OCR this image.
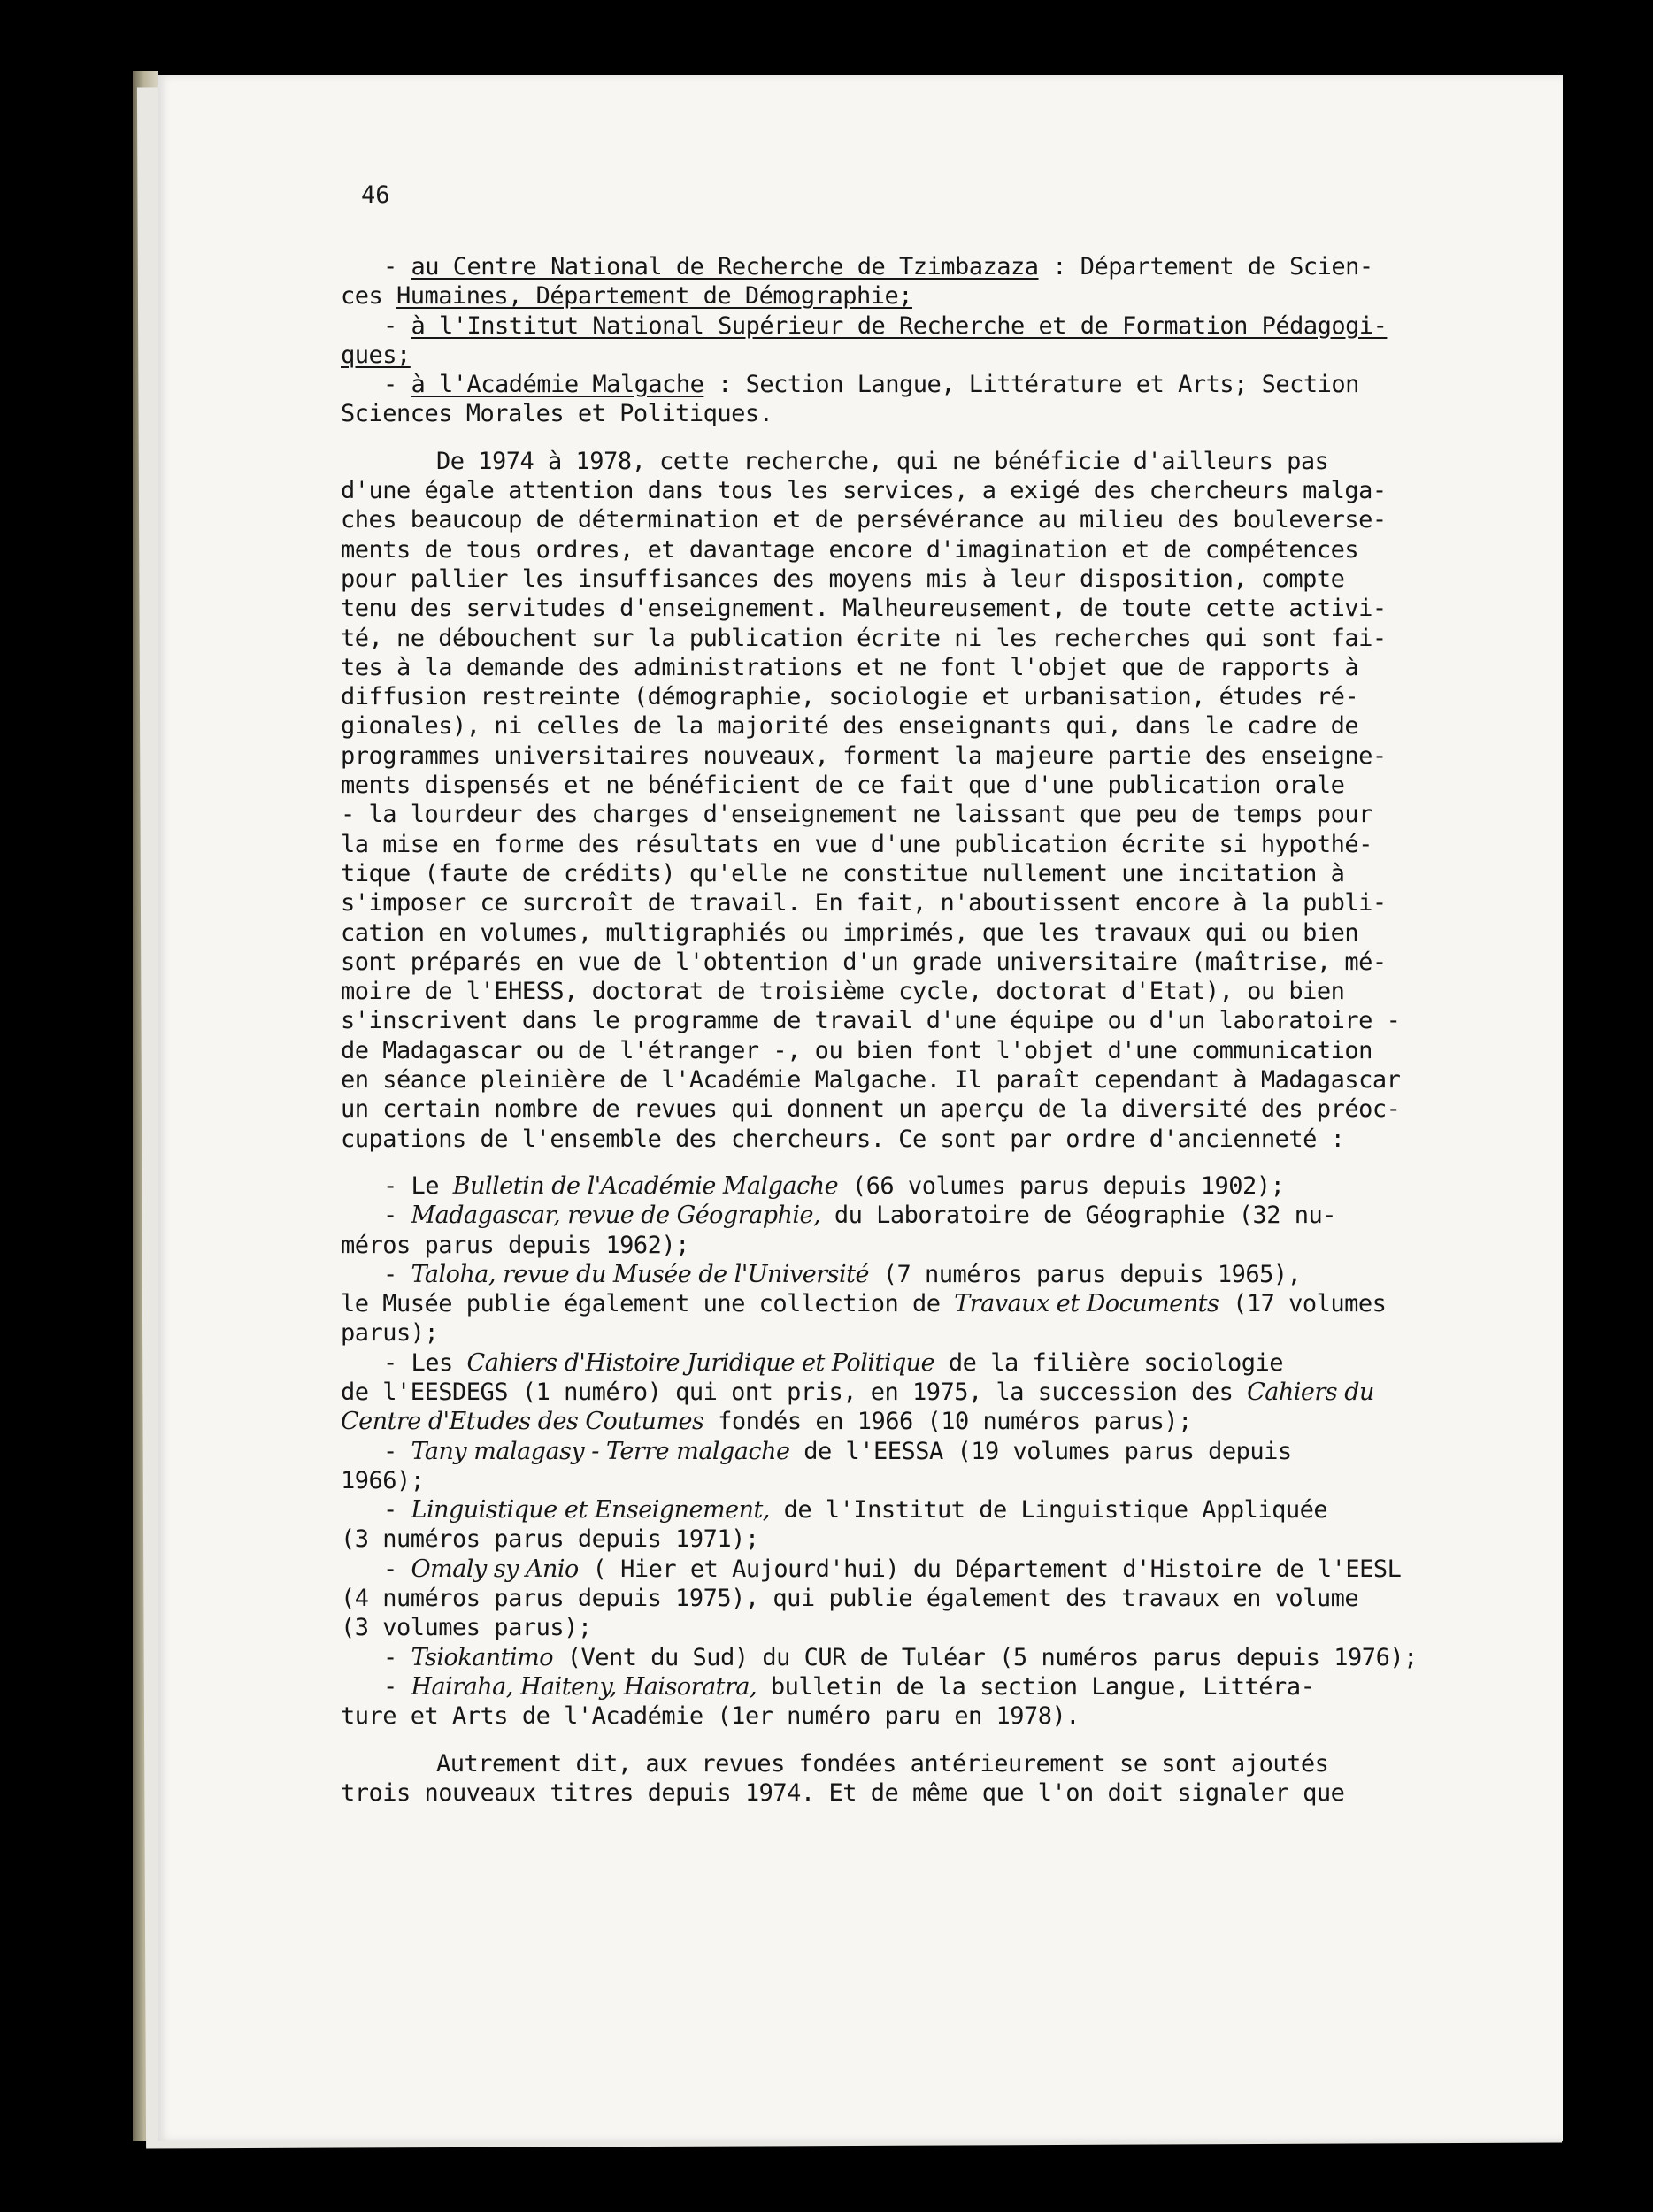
46
- au Centre National de Recherche de Tzimbazaza : Département de Scien-
ces Humaines, Département de Démographie;
- à l'Institut National Supérieur de Recherche et de Formation Pédagogi-
ques;
- à l'Académie Malgache : Section Langue, Littérature et Arts; Section
Sciences Morales et Politiques.
De 1974 à 1978, cette recherche, qui ne bénéficie d'ailleurs pas
d'une égale attention dans tous les services, a exigé des chercheurs malga-
ches beaucoup de détermination et de persévérance au milieu des bouleverse-
ments de tous ordres, et davantage encore d'imagination et de compétences
pour pallier les insuffisances des moyens mis à leur disposition, compte
tenu des servitudes d'enseignement. Malheureusement, de toute cette activi-
té, ne débouchent sur la publication écrite ni les recherches qui sont fai-
tes à la demande des administrations et ne font l'objet que de rapports à
diffusion restreinte (démographie, sociologie et urbanisation, études ré-
gionales), ni celles de la majorité des enseignants qui, dans le cadre de
programmes universitaires nouveaux, forment la majeure partie des enseigne-
ments dispensés et ne bénéficient de ce fait que d'une publication orale
- la lourdeur des charges d'enseignement ne laissant que peu de temps pour
la mise en forme des résultats en vue d'une publication écrite si hypothé-
tique (faute de crédits) qu'elle ne constitue nullement une incitation à
s'imposer ce surcroît de travail. En fait, n'aboutissent encore à la publi-
cation en volumes, multigraphiés ou imprimés, que les travaux qui ou bien
sont préparés en vue de l'obtention d'un grade universitaire (maîtrise, mé-
moire de l'EHESS, doctorat de troisième cycle, doctorat d'Etat), ou bien
s'inscrivent dans le programme de travail d'une équipe ou d'un laboratoire -
de Madagascar ou de l'étranger -, ou bien font l'objet d'une communication
en séance pleinière de l'Académie Malgache. Il paraît cependant à Madagascar
un certain nombre de revues qui donnent un aperçu de la diversité des préoc-
cupations de l'ensemble des chercheurs. Ce sont par ordre d'ancienneté :
- Le Bulletin de l'Académie Malgache (66 volumes parus depuis 1902);
- Madagascar, revue de Géographie, du Laboratoire de Géographie (32 nu-
méros parus depuis 1962);
- Taloha, revue du Musée de l'Université (7 numéros parus depuis 1965),
le Musée publie également une collection de Travaux et Documents (17 volumes
parus);
- Les Cahiers d'Histoire Juridique et Politique de la filière sociologie
de l'EESDEGS (1 numéro) qui ont pris, en 1975, la succession des Cahiers du
Centre d'Etudes des Coutumes fondés en 1966 (10 numéros parus);
- Tany malagasy - Terre malgache de l'EESSA (19 volumes parus depuis
1966);
- Linguistique et Enseignement, de l'Institut de Linguistique Appliquée
(3 numéros parus depuis 1971);
- Omaly sy Anio ( Hier et Aujourd'hui) du Département d'Histoire de l'EESL
(4 numéros parus depuis 1975), qui publie également des travaux en volume
(3 volumes parus);
- Tsiokantimo (Vent du Sud) du CUR de Tuléar (5 numéros parus depuis 1976);
- Hairaha, Haiteny, Haisoratra, bulletin de la section Langue, Littéra-
ture et Arts de l'Académie (1er numéro paru en 1978).
Autrement dit, aux revues fondées antérieurement se sont ajoutés
trois nouveaux titres depuis 1974. Et de même que l'on doit signaler que
